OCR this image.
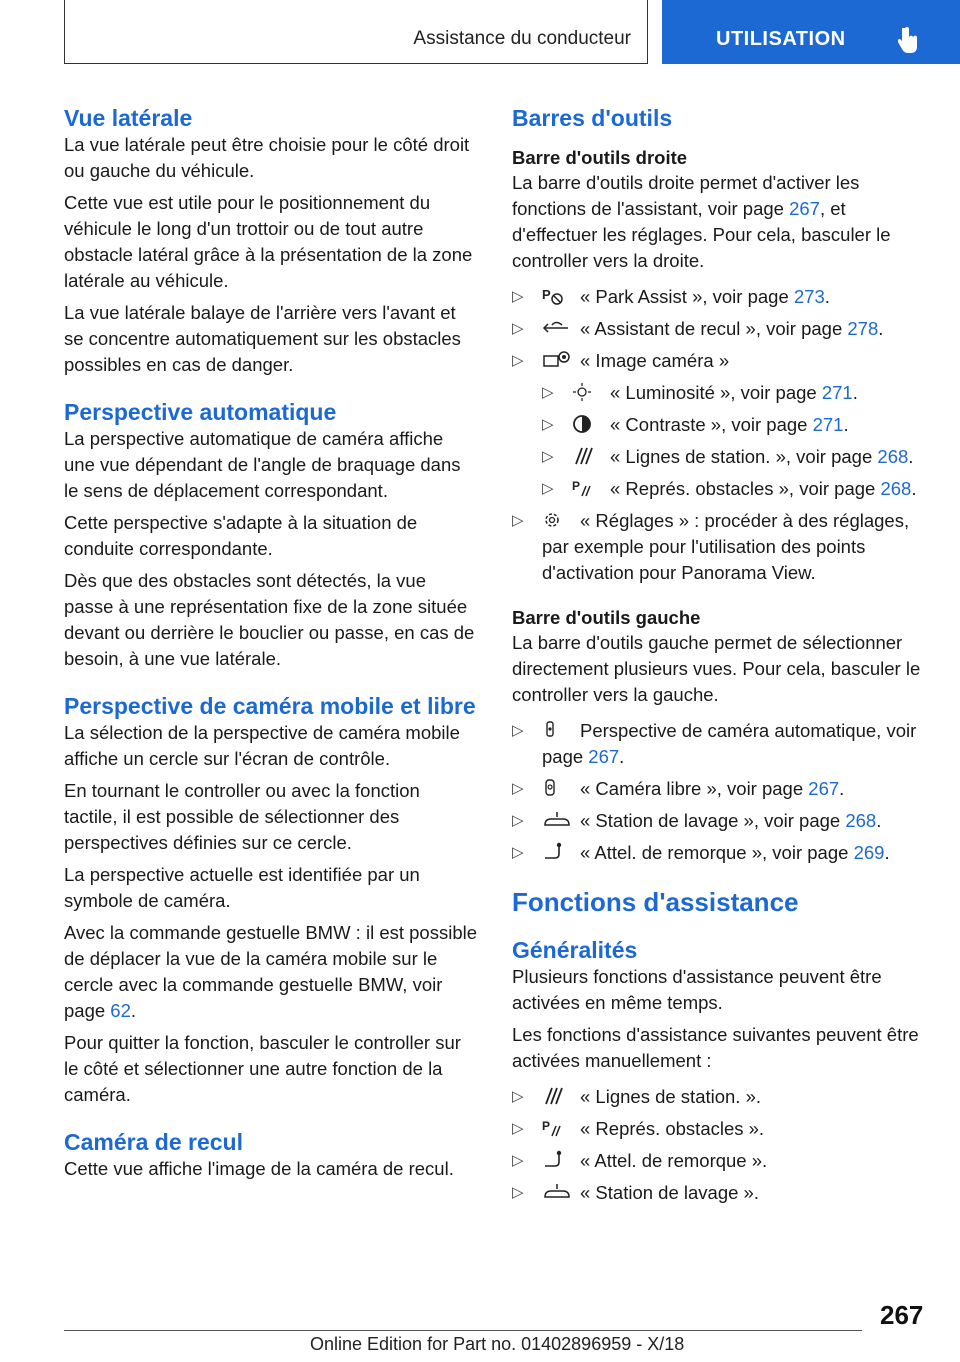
Assistance du conducteur	UTILISATION
Vue latérale

La vue latérale peut être choisie pour le côté droit ou gauche du véhicule.

Cette vue est utile pour le positionnement du véhicule le long d'un trottoir ou de tout autre obstacle latéral grâce à la présentation de la zone latérale au véhicule.

La vue latérale balaye de l'arrière vers l'avant et se concentre automatiquement sur les obstacles possibles en cas de danger.

Perspective automatique

La perspective automatique de caméra affiche une vue dépendant de l'angle de braquage dans le sens de déplacement correspondant.

Cette perspective s'adapte à la situation de conduite correspondante.

Dès que des obstacles sont détectés, la vue passe à une représentation fixe de la zone située devant ou derrière le bouclier ou passe, en cas de besoin, à une vue latérale.

Perspective de caméra mobile et libre

La sélection de la perspective de caméra mobile affiche un cercle sur l'écran de contrôle.

En tournant le controller ou avec la fonction tactile, il est possible de sélectionner des perspectives définies sur ce cercle.

La perspective actuelle est identifiée par un symbole de caméra.

Avec la commande gestuelle BMW : il est possible de déplacer la vue de la caméra mobile sur le cercle avec la commande gestuelle BMW, voir page 62.

Pour quitter la fonction, basculer le controller sur le côté et sélectionner une autre fonction de la caméra.

Caméra de recul

Cette vue affiche l'image de la caméra de recul.

Barres d'outils
Barre d'outils droite

La barre d'outils droite permet d'activer les fonctions de l'assistant, voir page 267, et d'effectuer les réglages. Pour cela, basculer le controller vers la droite.

▷ P « Park Assist », voir page 273.
▷	« Assistant de recul », voir page 278.
▷	« Image caméra »
▷	« Luminosité », voir page 271.
▷	« Contraste », voir page 271.
▷	« Lignes de station. », voir page 268.
▷ P « Représ. obstacles », voir page 268.
▷	« Réglages » : procéder à des réglages, par exemple pour l'utilisation des points d'activation pour Panorama View.
Barre d'outils gauche

La barre d'outils gauche permet de sélectionner directement plusieurs vues. Pour cela, basculer le controller vers la gauche.

▷	Perspective de caméra automatique, voir page 267.
▷	« Caméra libre », voir page 267.
▷	« Station de lavage », voir page 268.
▷	« Attel. de remorque », voir page 269.
Fonctions d'assistance
Généralités

Plusieurs fonctions d'assistance peuvent être activées en même temps.

Les fonctions d'assistance suivantes peuvent être activées manuellement :

▷	« Lignes de station. ».
▷ P « Représ. obstacles ».
▷	« Attel. de remorque ».
▷	« Station de lavage ».
267
Online Edition for Part no. 01402896959 - X/18
